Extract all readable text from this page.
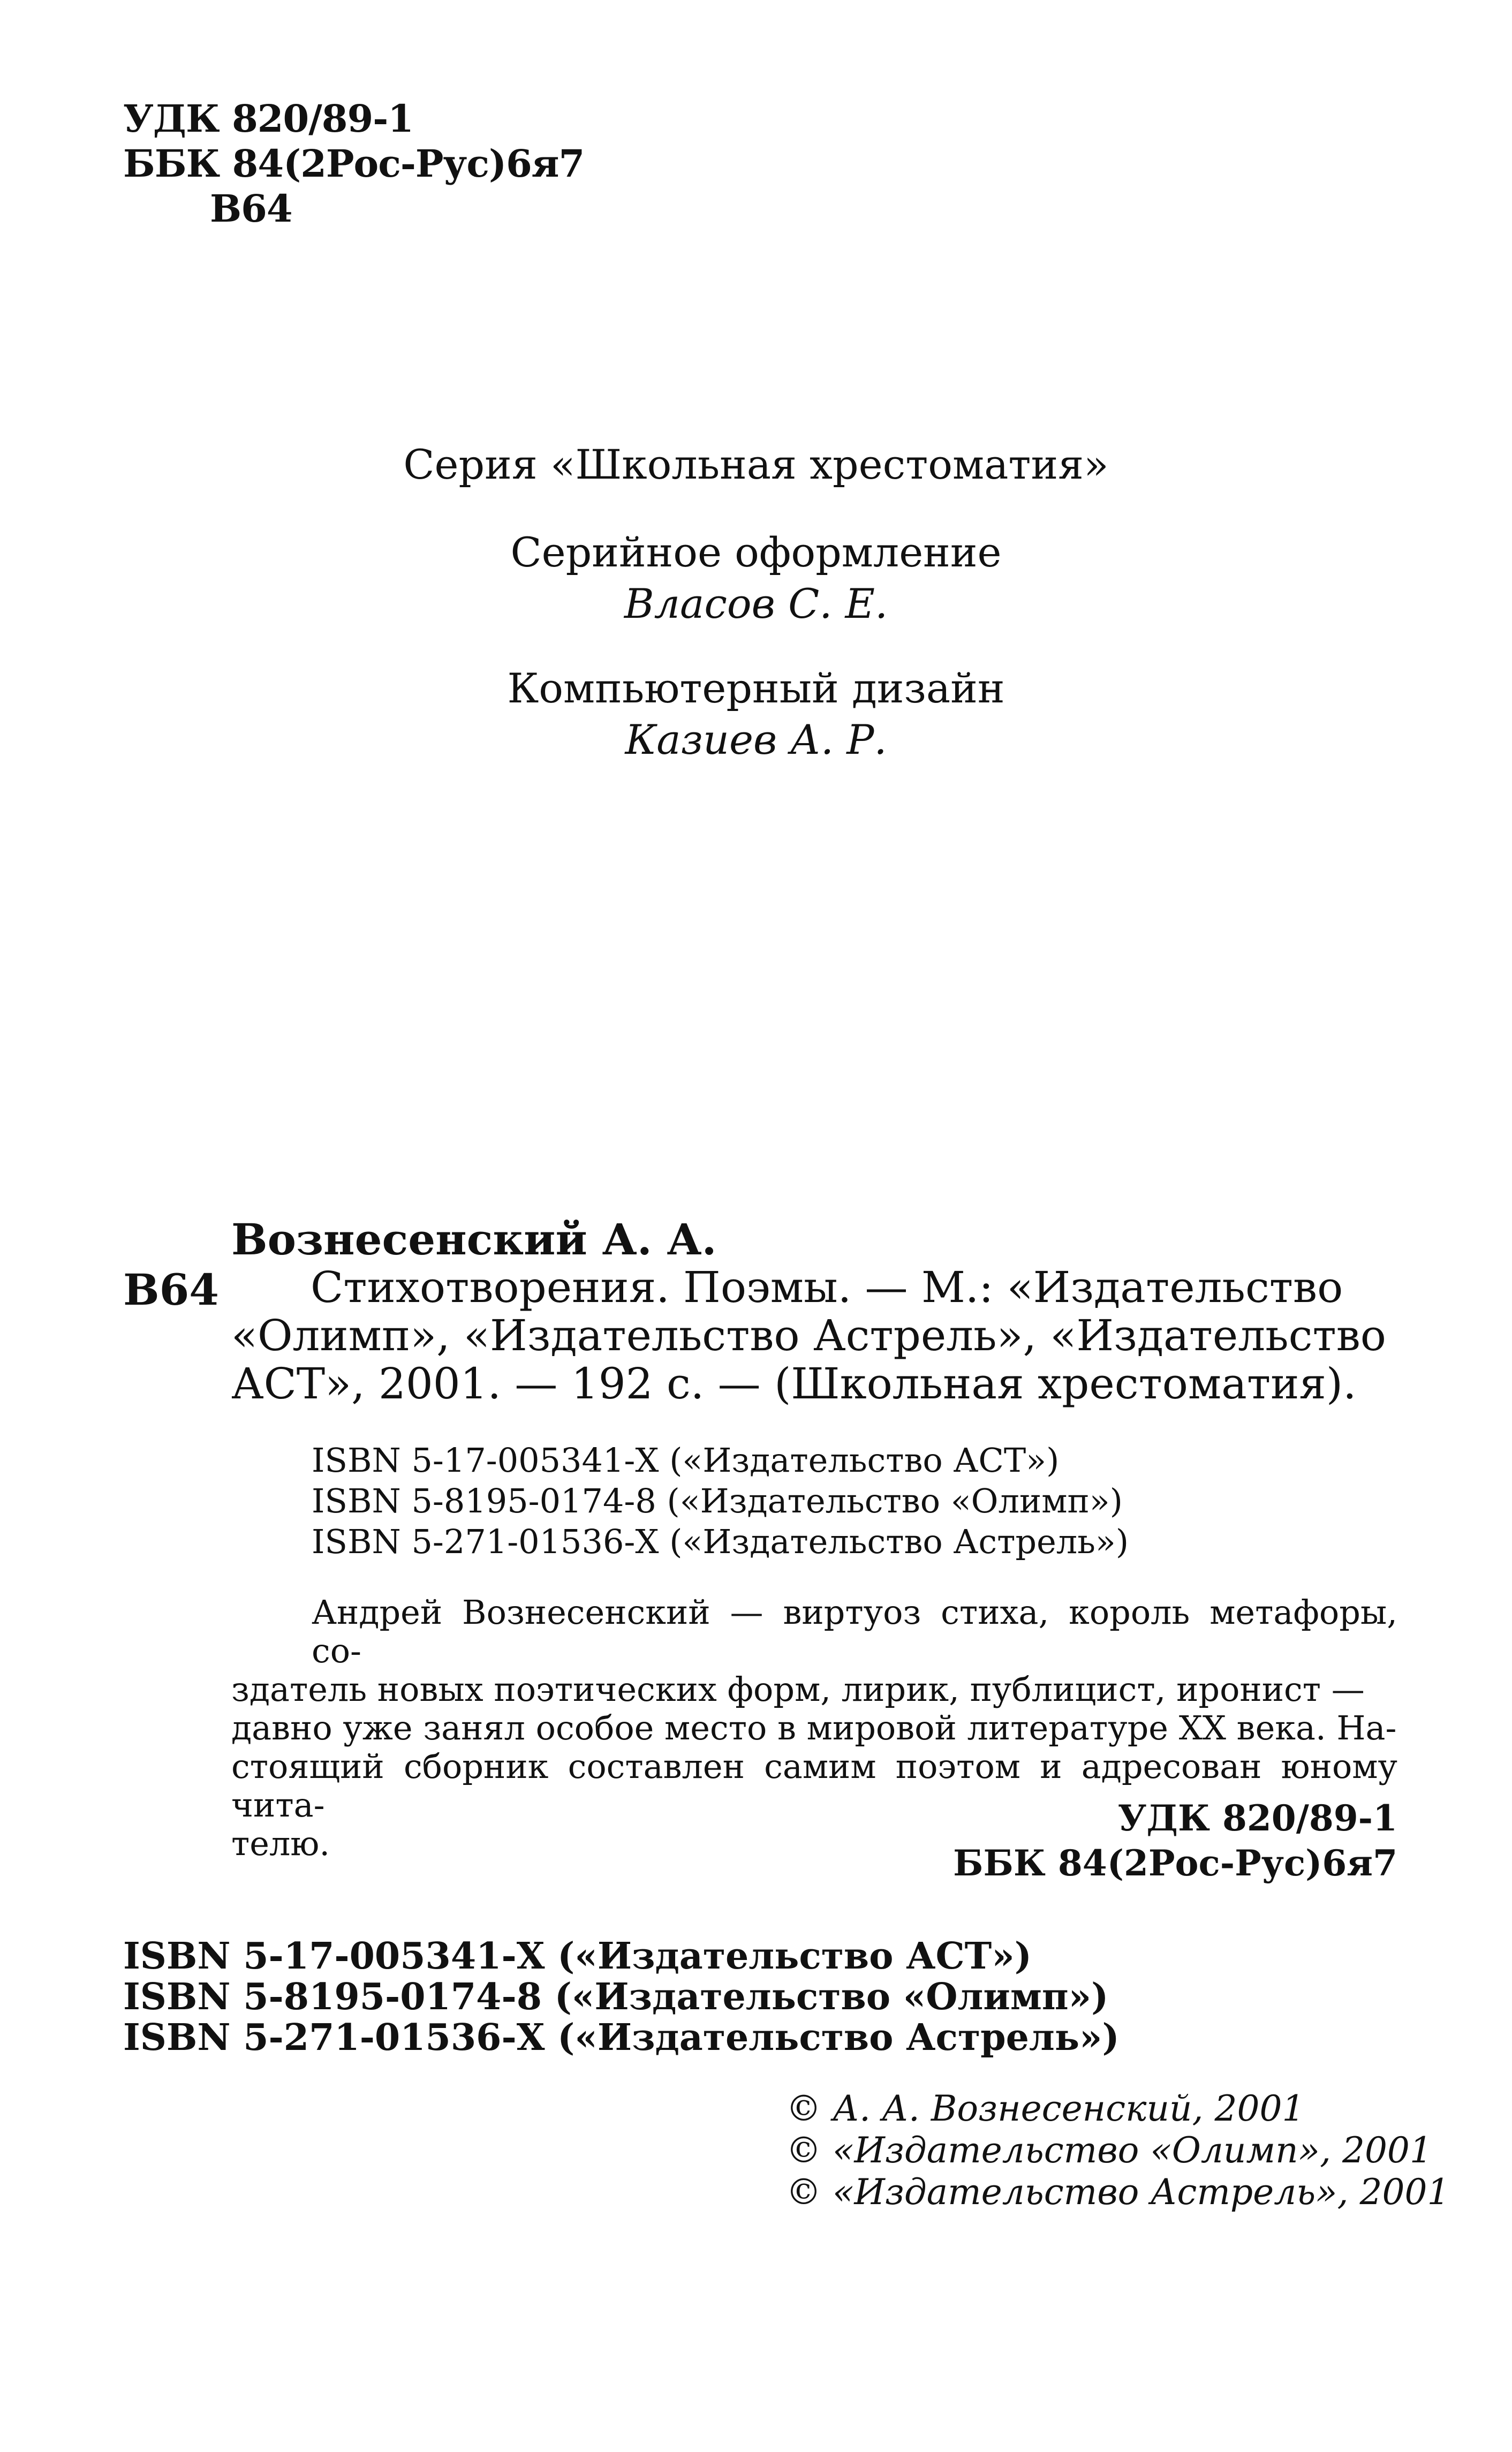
УДК 820/89-1
ББК 84(2Рос-Рус)6я7
В64
Серия «Школьная хрестоматия»
Серийное оформление
Власов С. Е.
Компьютерный дизайн
Казиев А. Р.
Вознесенский А. А.
В64 Стихотворения. Поэмы. — М.: «Издательство
«Олимп», «Издательство Астрель», «Издательство
АСТ», 2001. — 192 с. — (Школьная хрестоматия).
ISBN 5-17-005341-Х («Издательство АСТ»)
ISBN 5-8195-0174-8 («Издательство «Олимп»)
ISBN 5-271-01536-Х («Издательство Астрель»)
Андрей Вознесенский — виртуоз стиха, король метафоры, со-
здатель новых поэтических форм, лирик, публицист, иронист —
давно уже занял особое место в мировой литературе XX века. На-
стоящий сборник составлен самим поэтом и адресован юному чита-
телю.
УДК 820/89-1
ББК 84(2Рос-Рус)6я7
ISBN 5-17-005341-Х («Издательство АСТ»)
ISBN 5-8195-0174-8 («Издательство «Олимп»)
ISBN 5-271-01536-Х («Издательство Астрель»)
© А. А. Вознесенский, 2001
© «Издательство «Олимп», 2001
© «Издательство Астрель», 2001
